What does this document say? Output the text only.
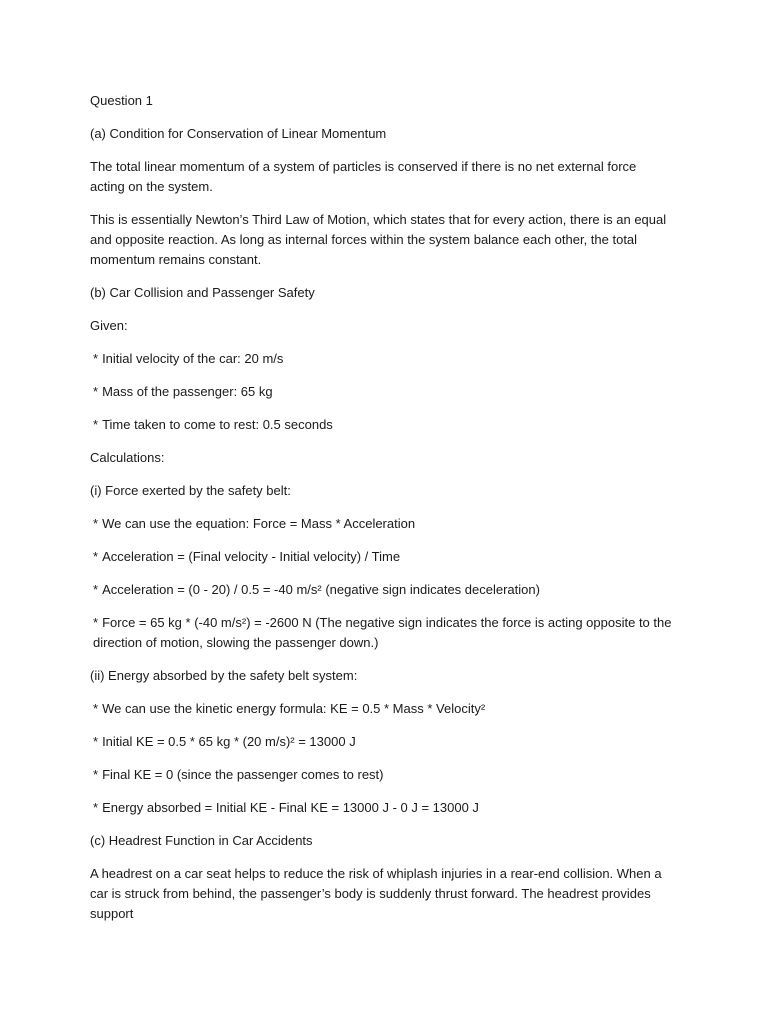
Question 1

(a) Condition for Conservation of Linear Momentum

The total linear momentum of a system of particles is conserved if there is no net external force acting on the system.

This is essentially Newton’s Third Law of Motion, which states that for every action, there is an equal and opposite reaction. As long as internal forces within the system balance each other, the total momentum remains constant.

(b) Car Collision and Passenger Safety

Given:

* Initial velocity of the car: 20 m/s

* Mass of the passenger: 65 kg

* Time taken to come to rest: 0.5 seconds

Calculations:

(i) Force exerted by the safety belt:

* We can use the equation: Force = Mass * Acceleration

* Acceleration = (Final velocity - Initial velocity) / Time

* Acceleration = (0 - 20) / 0.5 = -40 m/s² (negative sign indicates deceleration)

* Force = 65 kg * (-40 m/s²) = -2600 N (The negative sign indicates the force is acting opposite to the direction of motion, slowing the passenger down.)

(ii) Energy absorbed by the safety belt system:

* We can use the kinetic energy formula: KE = 0.5 * Mass * Velocity²

* Initial KE = 0.5 * 65 kg * (20 m/s)² = 13000 J

* Final KE = 0 (since the passenger comes to rest)

* Energy absorbed = Initial KE - Final KE = 13000 J - 0 J = 13000 J

(c) Headrest Function in Car Accidents

A headrest on a car seat helps to reduce the risk of whiplash injuries in a rear-end collision. When a car is struck from behind, the passenger’s body is suddenly thrust forward. The headrest provides support
